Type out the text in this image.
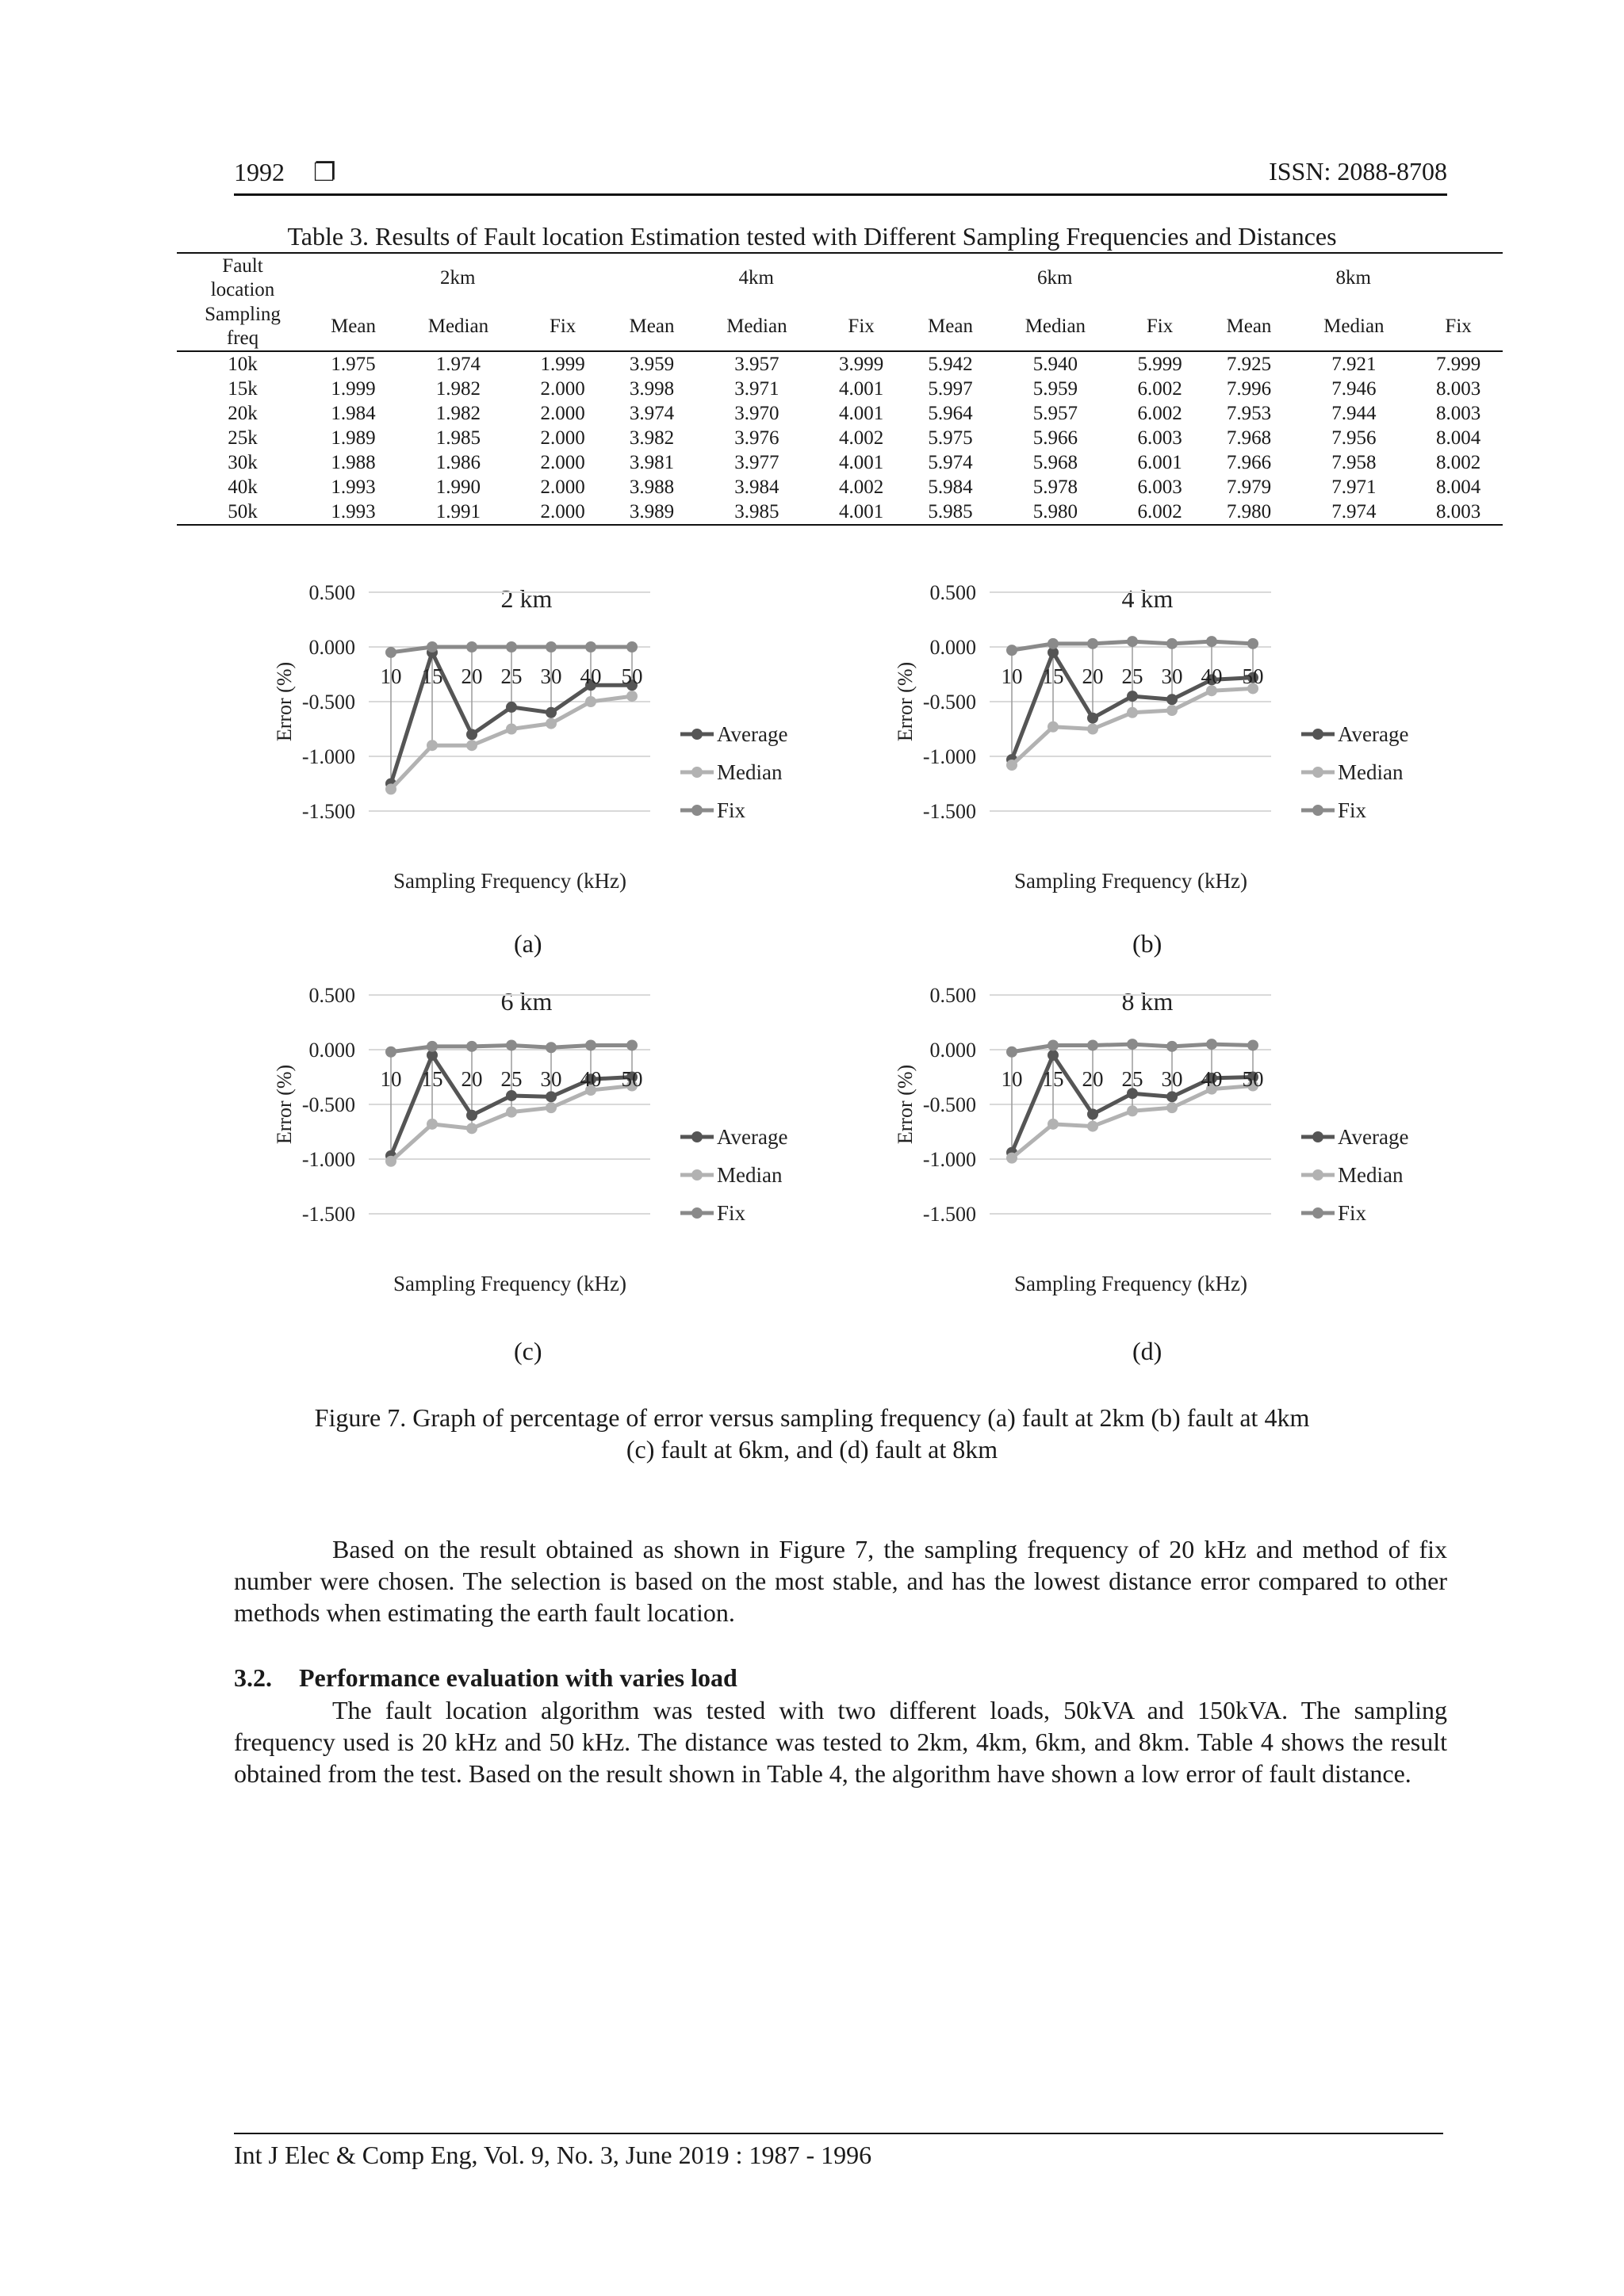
1992 ❐	ISSN: 2088-8708
Table 3. Results of Fault location Estimation tested with Different Sampling Frequencies and Distances
Fault
location	2km			4km			6km			8km		

Sampling
freq	Mean	Median	Fix	Mean	Median	Fix	Mean	Median	Fix	Mean	Median	Fix
10k	1.975	1.974	1.999	3.959	3.957	3.999	5.942	5.940	5.999	7.925	7.921	7.999
15k	1.999	1.982	2.000	3.998	3.971	4.001	5.997	5.959	6.002	7.996	7.946	8.003
20k	1.984	1.982	2.000	3.974	3.970	4.001	5.964	5.957	6.002	7.953	7.944	8.003
25k	1.989	1.985	2.000	3.982	3.976	4.002	5.975	5.966	6.003	7.968	7.956	8.004
30k	1.988	1.986	2.000	3.981	3.977	4.001	5.974	5.968	6.001	7.966	7.958	8.002
40k	1.993	1.990	2.000	3.988	3.984	4.002	5.984	5.978	6.003	7.979	7.971	8.004
50k	1.993	1.991	2.000	3.989	3.985	4.001	5.985	5.980	6.002	7.980	7.974	8.003
2 km
0.500
0.000
-0.500
-1.000
-1.500
Error (%)	10 15 20 25 30 40 50
Sampling Frequency (kHz)
Average
Median
Fix
4 km
0.500
0.000
-0.500
-1.000
-1.500
Error (%)	10 15 20 25 30 40 50
Sampling Frequency (kHz)
Average
Median
Fix
6 km
0.500
0.000
-0.500
-1.000
-1.500
Error (%)	10 15 20 25 30 40 50
Sampling Frequency (kHz)
Average
Median
Fix
8 km
0.500
0.000
-0.500
-1.000
-1.500
Error (%)	10 15 20 25 30 40 50
Sampling Frequency (kHz)
Average
Median
Fix
(a)	(b)
(c)	(d)
Figure 7. Graph of percentage of error versus sampling frequency (a) fault at 2km (b) fault at 4km
(c) fault at 6km, and (d) fault at 8km
Based on the result obtained as shown in Figure 7, the sampling frequency of 20 kHz and method of fix number were chosen. The selection is based on the most stable, and has the lowest distance error compared to other methods when estimating the earth fault location.
3.2. Performance evaluation with varies load
The fault location algorithm was tested with two different loads, 50kVA and 150kVA. The sampling frequency used is 20 kHz and 50 kHz. The distance was tested to 2km, 4km, 6km, and 8km. Table 4 shows the result obtained from the test. Based on the result shown in Table 4, the algorithm have shown a low error of fault distance.
Int J Elec & Comp Eng, Vol. 9, No. 3, June 2019 : 1987 - 1996
